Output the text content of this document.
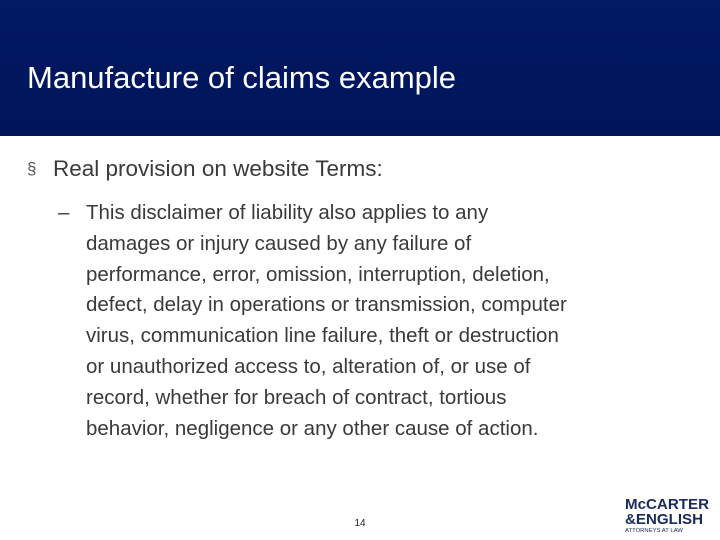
Manufacture of claims example
§ Real provision on website Terms:
– This disclaimer of liability also applies to any
damages or injury caused by any failure of
performance, error, omission, interruption, deletion,
defect, delay in operations or transmission, computer
virus, communication line failure, theft or destruction
or unauthorized access to, alteration of, or use of
record, whether for breach of contract, tortious
behavior, negligence or any other cause of action.
14
McCARTER
&ENGLISH
ATTORNEYS AT LAW
